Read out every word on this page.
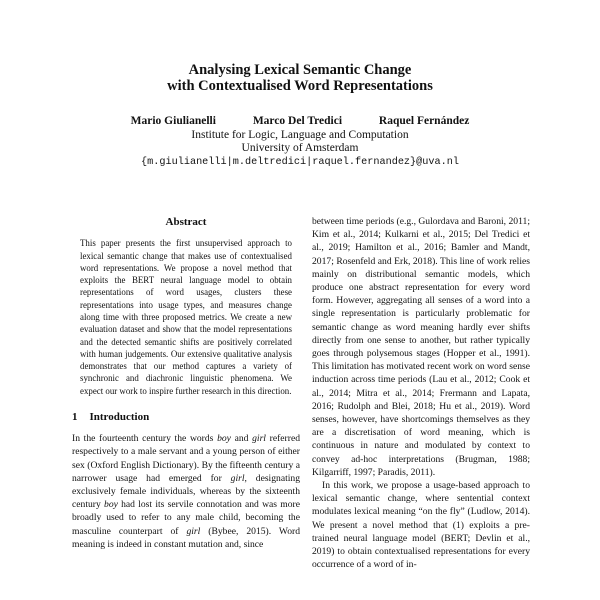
Analysing Lexical Semantic Change
with Contextualised Word Representations
Mario Giulianelli	Marco Del Tredici	Raquel Fernández
Institute for Logic, Language and Computation
University of Amsterdam
{m.giulianelli|m.deltredici|raquel.fernandez}@uva.nl
Abstract

This paper presents the first unsupervised approach to lexical semantic change that makes use of contextualised word representations. We propose a novel method that exploits the BERT neural language model to obtain representations of word usages, clusters these representations into usage types, and measures change along time with three proposed metrics. We create a new evaluation dataset and show that the model representations and the detected semantic shifts are positively correlated with human judgements. Our extensive qualitative analysis demonstrates that our method captures a variety of synchronic and diachronic linguistic phenomena. We expect our work to inspire further research in this direction.

1 Introduction

In the fourteenth century the words boy and girl referred respectively to a male servant and a young person of either sex (Oxford English Dictionary). By the fifteenth century a narrower usage had emerged for girl, designating exclusively female individuals, whereas by the sixteenth century boy had lost its servile connotation and was more broadly used to refer to any male child, becoming the masculine counterpart of girl (Bybee, 2015). Word meaning is indeed in constant mutation and, since

between time periods (e.g., Gulordava and Baroni, 2011; Kim et al., 2014; Kulkarni et al., 2015; Del Tredici et al., 2019; Hamilton et al., 2016; Bamler and Mandt, 2017; Rosenfeld and Erk, 2018). This line of work relies mainly on distributional semantic models, which produce one abstract representation for every word form. However, aggregating all senses of a word into a single representation is particularly problematic for semantic change as word meaning hardly ever shifts directly from one sense to another, but rather typically goes through polysemous stages (Hopper et al., 1991). This limitation has motivated recent work on word sense induction across time periods (Lau et al., 2012; Cook et al., 2014; Mitra et al., 2014; Frermann and Lapata, 2016; Rudolph and Blei, 2018; Hu et al., 2019). Word senses, however, have shortcomings themselves as they are a discretisation of word meaning, which is continuous in nature and modulated by context to convey ad-hoc interpretations (Brugman, 1988; Kilgarriff, 1997; Paradis, 2011).

In this work, we propose a usage-based approach to lexical semantic change, where sentential context modulates lexical meaning “on the fly” (Ludlow, 2014). We present a novel method that (1) exploits a pre-trained neural language model (BERT; Devlin et al., 2019) to obtain contextualised representations for every occurrence of a word of in-
